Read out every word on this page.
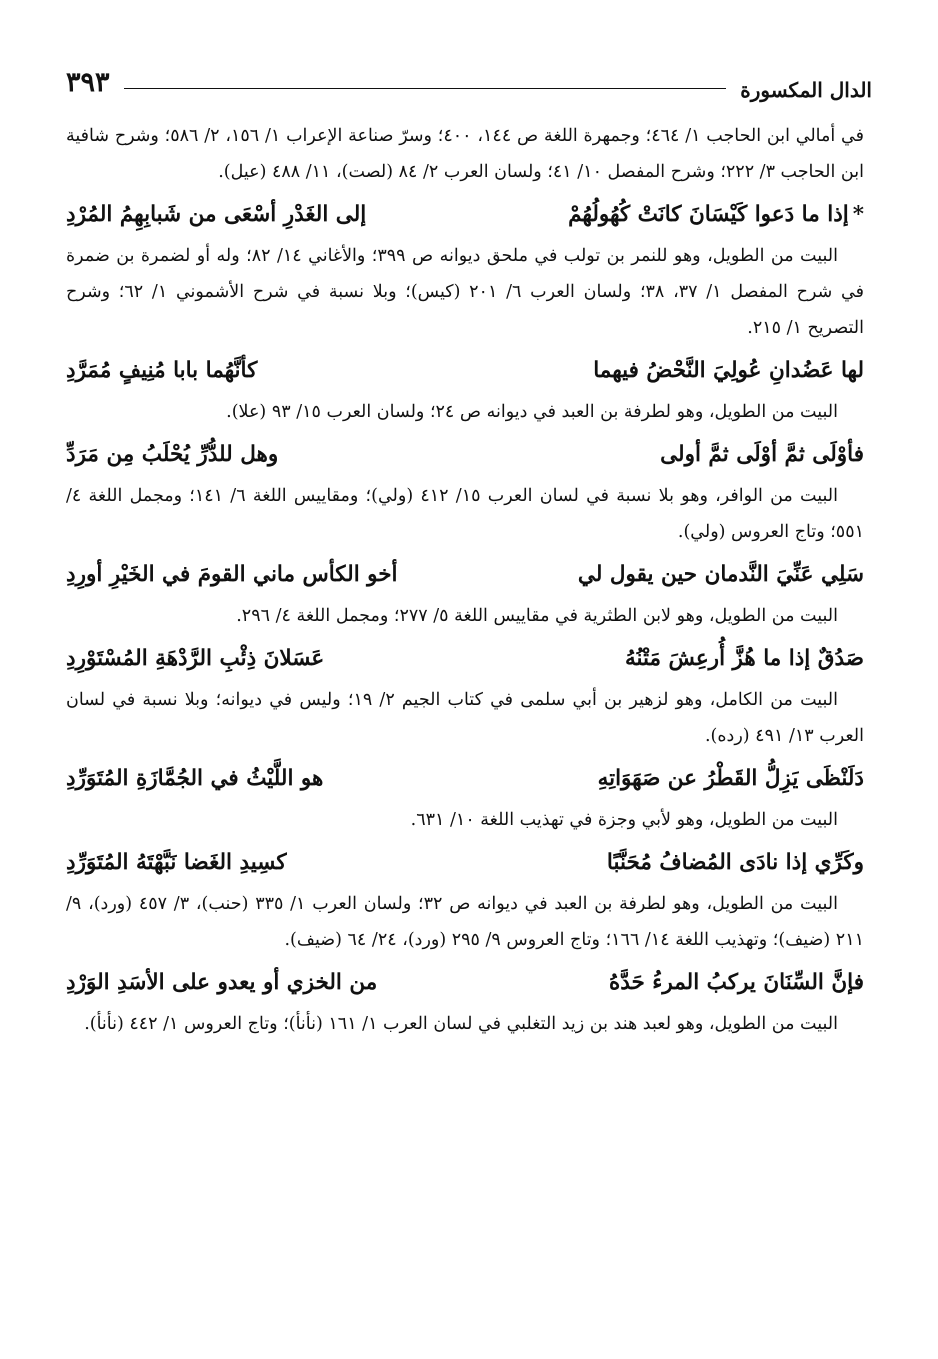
الدال المكسورة
٣٩٣

في أمالي ابن الحاجب ١/ ٤٦٤؛ وجمهرة اللغة ص ١٤٤، ٤٠٠؛ وسرّ صناعة الإعراب ١/ ١٥٦، ٢/ ٥٨٦؛ وشرح شافية ابن الحاجب ٣/ ٢٢٢؛ وشرح المفصل ١٠/ ٤١؛ ولسان العرب ٢/ ٨٤ (لصت)، ١١/ ٤٨٨ (عيل).

*إذا ما دَعوا كَيْسَانَ كانَتْ كُهُولُهُمْ
إلى الغَدْرِ أسْعَى من شَبابِهِمُ المُرْدِ

البيت من الطويل، وهو للنمر بن تولب في ملحق ديوانه ص ٣٩٩؛ والأغاني ١٤/ ٨٢؛ وله أو لضمرة بن ضمرة في شرح المفصل ١/ ٣٧، ٣٨؛ ولسان العرب ٦/ ٢٠١ (كيس)؛ وبلا نسبة في شرح الأشموني ١/ ٦٢؛ وشرح التصريح ١/ ٢١٥.

لها عَضُدانِ عُولِيَ النَّحْضُ فيهما
كأنَّهُما بابا مُنِيفٍ مُمَرَّدِ

البيت من الطويل، وهو لطرفة بن العبد في ديوانه ص ٢٤؛ ولسان العرب ١٥/ ٩٣ (علا).

فأوْلَى ثمَّ أوْلَى ثمَّ أولى
وهل للدُّرِّ يُحْلَبُ مِن مَرَدِّ

البيت من الوافر، وهو بلا نسبة في لسان العرب ١٥/ ٤١٢ (ولي)؛ ومقاييس اللغة ٦/ ١٤١؛ ومجمل اللغة ٤/ ٥٥١؛ وتاج العروس (ولي).

سَلِي عَنِّيَ النَّدمان حين يقول لي
أخو الكأس ماني القومَ في الخَيْرِ أورِدِ

البيت من الطويل، وهو لابن الطثرية في مقاييس اللغة ٥/ ٢٧٧؛ ومجمل اللغة ٤/ ٢٩٦.

صَدُقٌ إذا ما هُزَّ أُرعِشَ مَتْنُهُ
عَسَلانَ ذِئْبِ الرَّدْهَةِ المُسْتَوْرِدِ

البيت من الكامل، وهو لزهير بن أبي سلمى في كتاب الجيم ٢/ ١٩؛ وليس في ديوانه؛ وبلا نسبة في لسان العرب ١٣/ ٤٩١ (رده).

دَلَنْظَى يَزِلُّ القَطْرُ عن صَهَوَاتِهِ
هو اللَّيْثُ في الجُمَّازَةِ المُتَوَرِّدِ

البيت من الطويل، وهو لأبي وجزة في تهذيب اللغة ١٠/ ٦٣١.

وكَرِّي إذا نادَى المُضافُ مُحَنَّبًا
كسِيدِ الغَضا نَبَّهْتَهُ المُتَوَرِّدِ

البيت من الطويل، وهو لطرفة بن العبد في ديوانه ص ٣٢؛ ولسان العرب ١/ ٣٣٥ (حنب)، ٣/ ٤٥٧ (ورد)، ٩/ ٢١١ (ضيف)؛ وتهذيب اللغة ١٤/ ١٦٦؛ وتاج العروس ٩/ ٢٩٥ (ورد)، ٢٤/ ٦٤ (ضيف).

فإنَّ السِّنَانَ يركبُ المرءُ حَدَّهُ
من الخزي أو يعدو على الأسَدِ الوَرْدِ

البيت من الطويل، وهو لعبد هند بن زيد التغلبي في لسان العرب ١/ ١٦١ (نأنأ)؛ وتاج العروس ١/ ٤٤٢ (نأنأ).
